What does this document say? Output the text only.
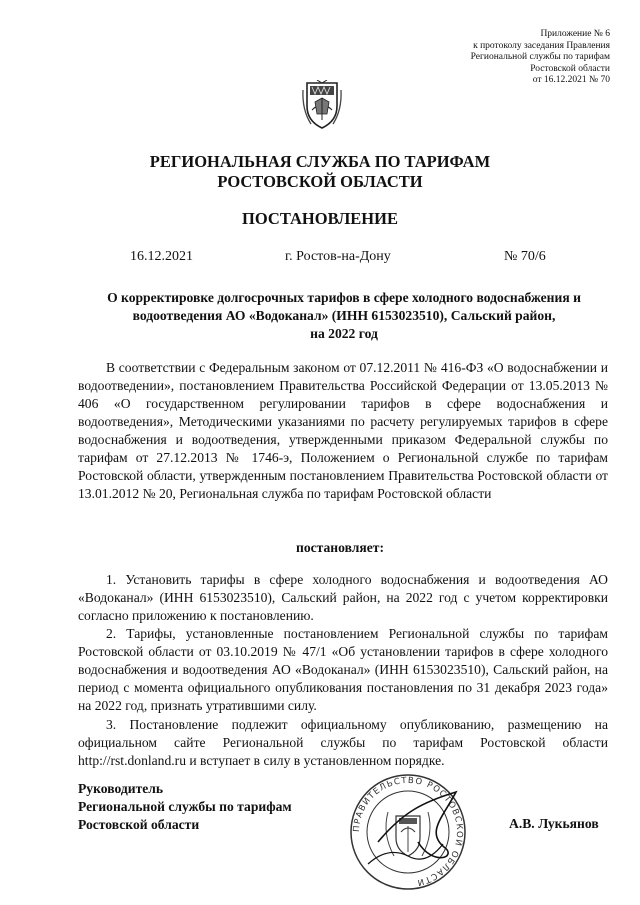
Приложение № 6
к протоколу заседания Правления
Региональной службы по тарифам
Ростовской области
от 16.12.2021 № 70
РЕГИОНАЛЬНАЯ СЛУЖБА ПО ТАРИФАМ
РОСТОВСКОЙ ОБЛАСТИ
ПОСТАНОВЛЕНИЕ
16.12.2021	г. Ростов-на-Дону	№ 70/6
О корректировке долгосрочных тарифов в сфере холодного водоснабжения и
водоотведения АО «Водоканал» (ИНН 6153023510), Сальский район,
на 2022 год

В соответствии с Федеральным законом от 07.12.2011 № 416-ФЗ «О водоснабжении и водоотведении», постановлением Правительства Российской Федерации от 13.05.2013 № 406 «О государственном регулировании тарифов в сфере водоснабжения и водоотведения», Методическими указаниями по расчету регулируемых тарифов в сфере водоснабжения и водоотведения, утвержденными приказом Федеральной службы по тарифам от 27.12.2013 № 1746-э, Положением о Региональной службе по тарифам Ростовской области, утвержденным постановлением Правительства Ростовской области от 13.01.2012 № 20, Региональная служба по тарифам Ростовской области

постановляет:

1. Установить тарифы в сфере холодного водоснабжения и водоотведения АО «Водоканал» (ИНН 6153023510), Сальский район, на 2022 год с учетом корректировки согласно приложению к постановлению.

2. Тарифы, установленные постановлением Региональной службы по тарифам Ростовской области от 03.10.2019 № 47/1 «Об установлении тарифов в сфере холодного водоснабжения и водоотведения АО «Водоканал» (ИНН 6153023510), Сальский район, на период с момента официального опубликования постановления по 31 декабря 2023 года» на 2022 год, признать утратившими силу.

3. Постановление подлежит официальному опубликованию, размещению на официальном сайте Региональной службы по тарифам Ростовской области http://rst.donland.ru и вступает в силу в установленном порядке.

Руководитель
Региональной службы по тарифам
Ростовской области	ПРАВИТЕЛЬСТВО РОСТОВСКОЙ ОБЛАСТИ
А.В. Лукьянов
